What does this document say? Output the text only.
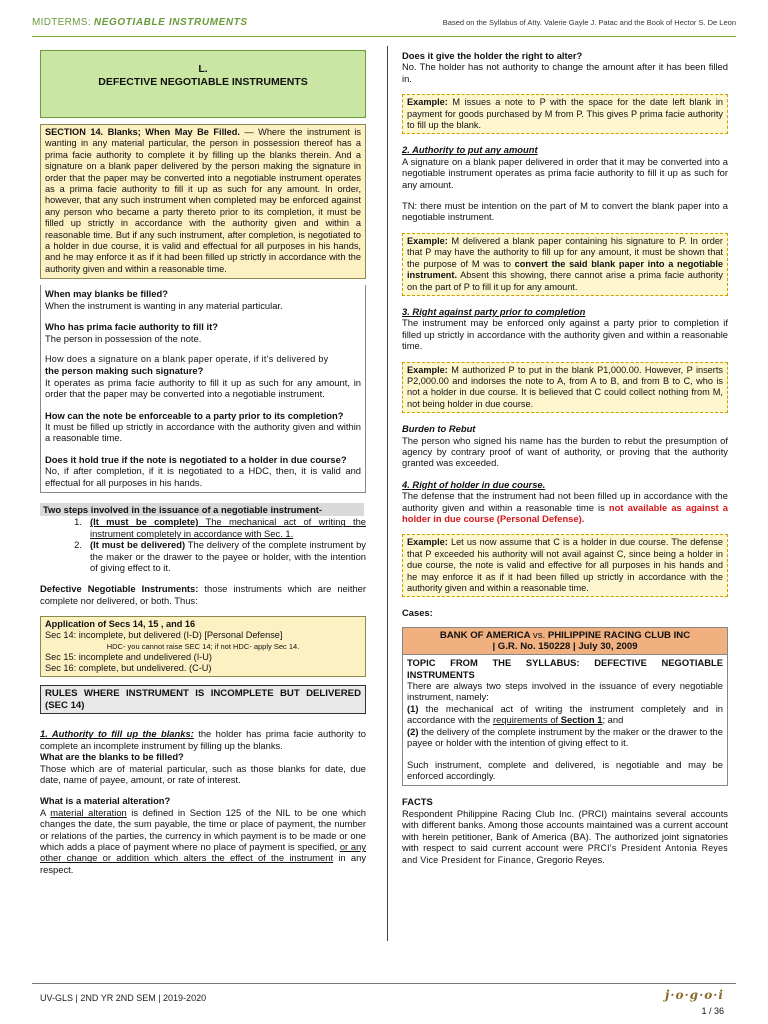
MIDTERMS: NEGOTIABLE INSTRUMENTS	Based on the Syllabus of Atty. Valerie Gayle J. Patac and the Book of Hector S. De Leon
L.
DEFECTIVE NEGOTIABLE INSTRUMENTS

SECTION 14. Blanks; When May Be Filled. — Where the instrument is wanting in any material particular, the person in possession thereof has a prima facie authority to complete it by filling up the blanks therein. And a signature on a blank paper delivered by the person making the signature in order that the paper may be converted into a negotiable instrument operates as a prima facie authority to fill it up as such for any amount. In order, however, that any such instrument when completed may be enforced against any person who became a party thereto prior to its completion, it must be filled up strictly in accordance with the authority given and within a reasonable time. But if any such instrument, after completion, is negotiated to a holder in due course, it is valid and effectual for all purposes in his hands, and he may enforce it as if it had been filled up strictly in accordance with the authority given and within a reasonable time.

When may blanks be filled?

When the instrument is wanting in any material particular.

Who has prima facie authority to fill it?

The person in possession of the note.

How does a signature on a blank paper operate, if it's delivered by

the person making such signature?

It operates as prima facie authority to fill it up as such for any amount, in order that the paper may be converted into a negotiable instrument.

How can the note be enforceable to a party prior to its completion?

It must be filled up strictly in accordance with the authority given and within a reasonable time.

Does it hold true if the note is negotiated to a holder in due course?

No, if after completion, if it is negotiated to a HDC, then, it is valid and effectual for all purposes in his hands.

Two steps involved in the issuance of a negotiable instrument-
1. (It must be complete) The mechanical act of writing the instrument completely in accordance with Sec. 1.
2. (It must be delivered) The delivery of the complete instrument by the maker or the drawer to the payee or holder, with the intention of giving effect to it.

Defective Negotiable Instruments: those instruments which are neither complete nor delivered, or both. Thus:

Application of Secs 14, 15 , and 16

Sec 14: incomplete, but delivered (I-D) [Personal Defense]

HDC- you cannot raise SEC 14; if not HDC- apply Sec 14.

Sec 15: incomplete and undelivered (I-U)

Sec 16: complete, but undelivered. (C-U)

RULES WHERE INSTRUMENT IS INCOMPLETE BUT DELIVERED (SEC 14)

1. Authority to fill up the blanks: the holder has prima facie authority to complete an incomplete instrument by filling up the blanks.

What are the blanks to be filled?

Those which are of material particular, such as those blanks for date, due date, name of payee, amount, or rate of interest.

What is a material alteration?

A material alteration is defined in Section 125 of the NIL to be one which changes the date, the sum payable, the time or place of payment, the number or relations of the parties, the currency in which payment is to be made or one which adds a place of payment where no place of payment is specified, or any other change or addition which alters the effect of the instrument in any respect.

Does it give the holder the right to alter?

No. The holder has not authority to change the amount after it has been filled in.

Example: M issues a note to P with the space for the date left blank in payment for goods purchased by M from P. This gives P prima facie authority to fill up the blank.

2. Authority to put any amount

A signature on a blank paper delivered in order that it may be converted into a negotiable instrument operates as prima facie authority to fill it up as such for any amount.

TN: there must be intention on the part of M to convert the blank paper into a negotiable instrument.

Example: M delivered a blank paper containing his signature to P. In order that P may have the authority to fill up for any amount, it must be shown that the purpose of M was to convert the said blank paper into a negotiable instrument. Absent this showing, there cannot arise a prima facie authority on the part of P to fill it up for any amount.

3. Right against party prior to completion

The instrument may be enforced only against a party prior to completion if filled up strictly in accordance with the authority given and within a reasonable time.

Example: M authorized P to put in the blank P1,000.00. However, P inserts P2,000.00 and indorses the note to A, from A to B, and from B to C, who is not a holder in due course. It is believed that C could collect nothing from M, not being holder in due course.

Burden to Rebut

The person who signed his name has the burden to rebut the presumption of agency by contrary proof of want of authority, or proving that the authority granted was exceeded.

4. Right of holder in due course.

The defense that the instrument had not been filled up in accordance with the authority given and within a reasonable time is not available as against a holder in due course (Personal Defense).

Example: Let us now assume that C is a holder in due course. The defense that P exceeded his authority will not avail against C, since being a holder in due course, the note is valid and effective for all purposes in his hands and he may enforce it as if it had been filled up strictly in accordance with the authority given and within a reasonable time.

Cases:

BANK OF AMERICA vs. PHILIPPINE RACING CLUB INC
| G.R. No. 150228 | July 30, 2009

TOPIC FROM THE SYLLABUS: DEFECTIVE NEGOTIABLE INSTRUMENTS

There are always two steps involved in the issuance of every negotiable instrument, namely:

(1) the mechanical act of writing the instrument completely and in accordance with the requirements of Section 1; and

(2) the delivery of the complete instrument by the maker or the drawer to the payee or holder with the intention of giving effect to it.

Such instrument, complete and delivered, is negotiable and may be enforced accordingly.

FACTS

Respondent Philippine Racing Club Inc. (PRCI) maintains several accounts with different banks. Among those accounts maintained was a current account with herein petitioner, Bank of America (BA). The authorized joint signatories with respect to said current account were PRCI's President Antonia Reyes and Vice President for Finance, Gregorio Reyes.

UV-GLS | 2ND YR 2ND SEM | 2019-2020	j·o·g·o·i
1 / 36
